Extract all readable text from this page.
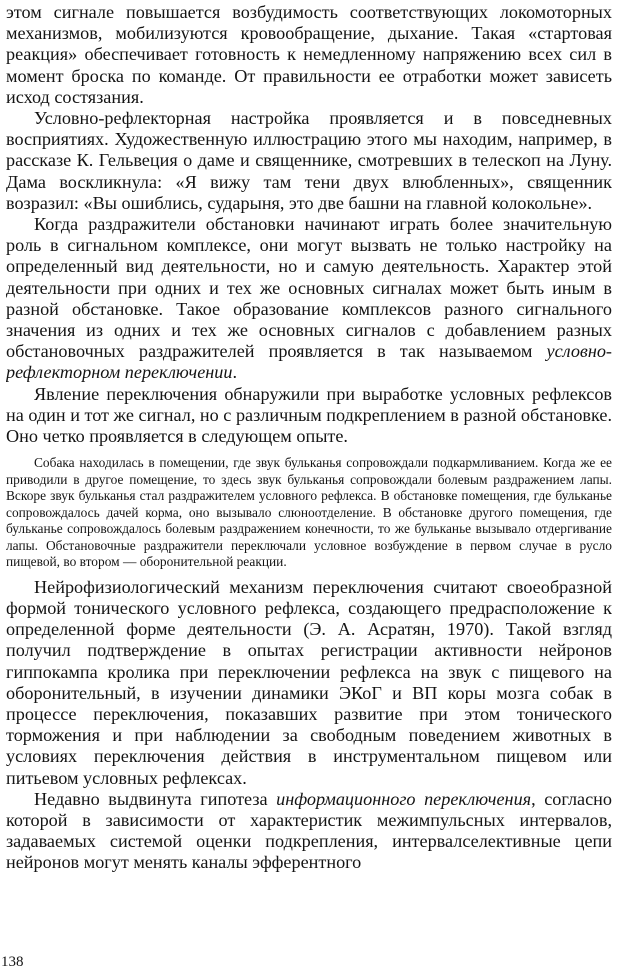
этом сигнале повышается возбудимость соответствующих локомоторных механизмов, мобилизуются кровообращение, дыхание. Такая «стартовая реакция» обеспечивает готовность к немедленному напряжению всех сил в момент броска по команде. От правильности ее отработки может зависеть исход состязания.

Условно-рефлекторная настройка проявляется и в повседневных восприятиях. Художественную иллюстрацию этого мы находим, например, в рассказе К. Гельвеция о даме и священнике, смотревших в телескоп на Луну. Дама воскликнула: «Я вижу там тени двух влюбленных», священник возразил: «Вы ошиблись, сударыня, это две башни на главной колокольне».

Когда раздражители обстановки начинают играть более значительную роль в сигнальном комплексе, они могут вызвать не только настройку на определенный вид деятельности, но и самую деятельность. Характер этой деятельности при одних и тех же основных сигналах может быть иным в разной обстановке. Такое образование комплексов разного сигнального значения из одних и тех же основных сигналов с добавлением разных обстановочных раздражителей проявляется в так называемом условно-рефлекторном переключении.

Явление переключения обнаружили при выработке условных рефлексов на один и тот же сигнал, но с различным подкреплением в разной обстановке. Оно четко проявляется в следующем опыте.

Собака находилась в помещении, где звук бульканья сопровождали подкармливанием. Когда же ее приводили в другое помещение, то здесь звук бульканья сопровождали болевым раздражением лапы. Вскоре звук бульканья стал раздражителем условного рефлекса. В обстановке помещения, где бульканье сопровождалось дачей корма, оно вызывало слюноотделение. В обстановке другого помещения, где бульканье сопровождалось болевым раздражением конечности, то же бульканье вызывало отдергивание лапы. Обстановочные раздражители переключали условное возбуждение в первом случае в русло пищевой, во втором — оборонительной реакции.

Нейрофизиологический механизм переключения считают своеобразной формой тонического условного рефлекса, создающего предрасположение к определенной форме деятельности (Э. А. Асратян, 1970). Такой взгляд получил подтверждение в опытах регистрации активности нейронов гиппокампа кролика при переключении рефлекса на звук с пищевого на оборонительный, в изучении динамики ЭКоГ и ВП коры мозга собак в процессе переключения, показавших развитие при этом тонического торможения и при наблюдении за свободным поведением животных в условиях переключения действия в инструментальном пищевом или питьевом условных рефлексах.

Недавно выдвинута гипотеза информационного переключения, согласно которой в зависимости от характеристик межимпульсных интервалов, задаваемых системой оценки подкрепления, интервалселективные цепи нейронов могут менять каналы эфферентного

138
